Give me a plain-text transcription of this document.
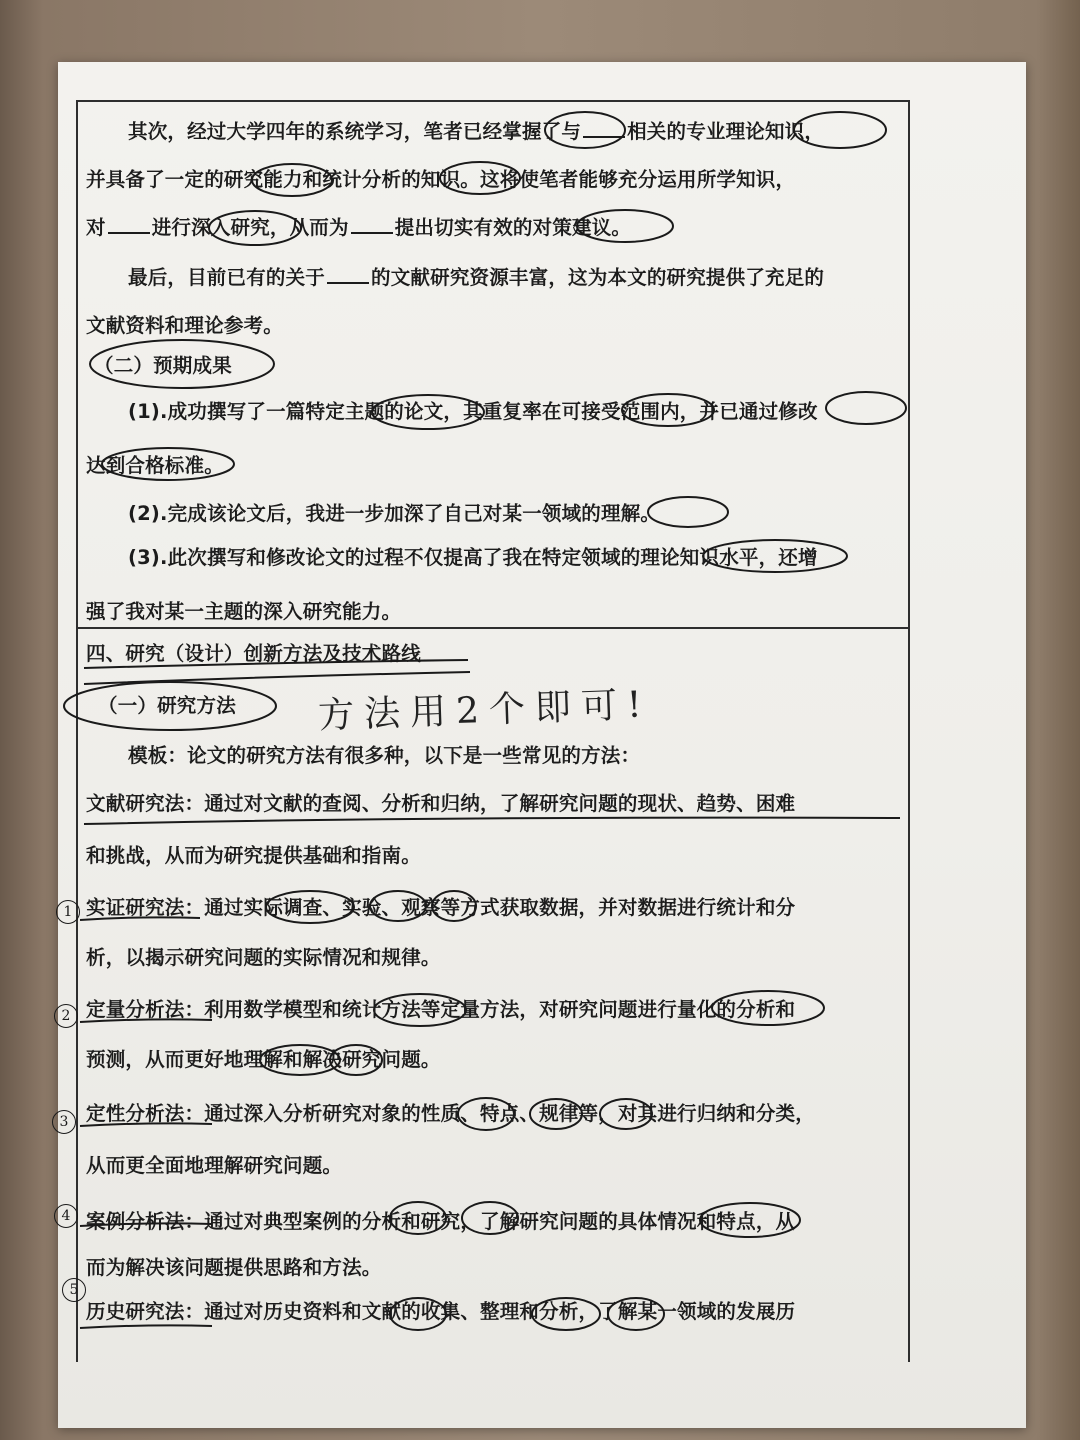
其次，经过大学四年的系统学习，笔者已经掌握了与 相关的专业理论知识，
并具备了一定的研究能力和统计分析的知识。这将使笔者能够充分运用所学知识，
对 进行深入研究，从而为 提出切实有效的对策建议。
最后，目前已有的关于 的文献研究资源丰富，这为本文的研究提供了充足的
文献资料和理论参考。
（二）预期成果
(1).成功撰写了一篇特定主题的论文，其重复率在可接受范围内，并已通过修改
达到合格标准。
(2).完成该论文后，我进一步加深了自己对某一领域的理解。
(3).此次撰写和修改论文的过程不仅提高了我在特定领域的理论知识水平，还增
强了我对某一主题的深入研究能力。
四、研究（设计）创新方法及技术路线
（一）研究方法	方法用2个即可!
模板：论文的研究方法有很多种，以下是一些常见的方法：
文献研究法：通过对文献的查阅、分析和归纳，了解研究问题的现状、趋势、困难
和挑战，从而为研究提供基础和指南。
实证研究法：通过实际调查、实验、观察等方式获取数据，并对数据进行统计和分
析，以揭示研究问题的实际情况和规律。
定量分析法：利用数学模型和统计方法等定量方法，对研究问题进行量化的分析和
预测，从而更好地理解和解决研究问题。
定性分析法：通过深入分析研究对象的性质、特点、规律等，对其进行归纳和分类，
从而更全面地理解研究问题。
案例分析法：通过对典型案例的分析和研究，了解研究问题的具体情况和特点，从
而为解决该问题提供思路和方法。
历史研究法：通过对历史资料和文献的收集、整理和分析，了解某一领域的发展历
1
2
3
4
5
